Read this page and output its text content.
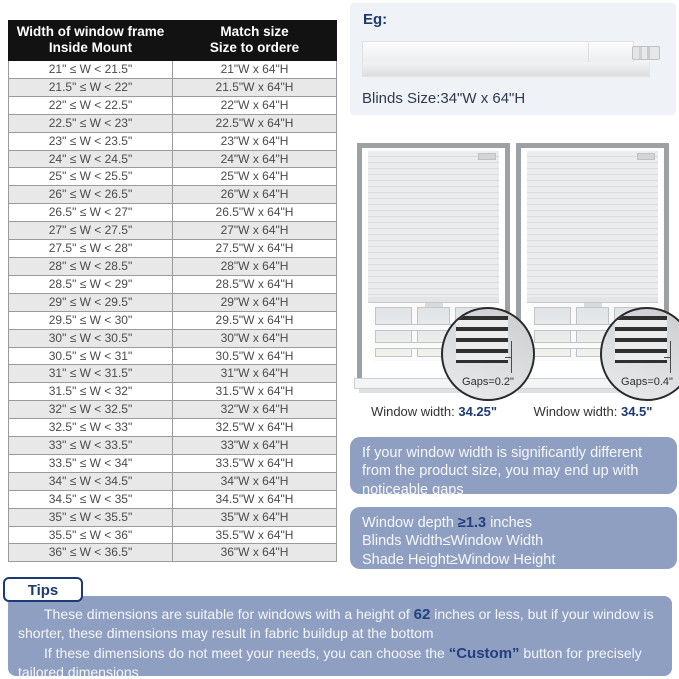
Width of window frame
Inside Mount

Match size
Size to ordere

21" ≤ W < 21.5"	21"W x 64"H
21.5" ≤ W < 22"	21.5"W x 64"H
22" ≤ W < 22.5"	22"W x 64"H
22.5" ≤ W < 23"	22.5"W x 64"H
23" ≤ W < 23.5"	23"W x 64"H
24" ≤ W < 24.5"	24"W x 64"H
25" ≤ W < 25.5"	25"W x 64"H
26" ≤ W < 26.5"	26"W x 64"H
26.5" ≤ W < 27"	26.5"W x 64"H
27" ≤ W < 27.5"	27"W x 64"H
27.5" ≤ W < 28"	27.5"W x 64"H
28" ≤ W < 28.5"	28"W x 64"H
28.5" ≤ W < 29"	28.5"W x 64"H
29" ≤ W < 29.5"	29"W x 64"H
29.5" ≤ W < 30"	29.5"W x 64"H
30" ≤ W < 30.5"	30"W x 64"H
30.5" ≤ W < 31"	30.5"W x 64"H
31" ≤ W < 31.5"	31"W x 64"H
31.5" ≤ W < 32"	31.5"W x 64"H
32" ≤ W < 32.5"	32"W x 64"H
32.5" ≤ W < 33"	32.5"W x 64"H
33" ≤ W < 33.5"	33"W x 64"H
33.5" ≤ W < 34"	33.5"W x 64"H
34" ≤ W < 34.5"	34"W x 64"H
34.5" ≤ W < 35"	34.5"W x 64"H
35" ≤ W < 35.5"	35"W x 64"H
35.5" ≤ W < 36"	35.5"W x 64"H
36" ≤ W < 36.5"	36"W x 64"H
Eg:
Blinds Size:34"W x 64"H
Gaps=0.2"	Gaps=0.4"
Window width: 34.25"	Window width: 34.5"
If your window width is significantly different from the product size, you may end up with noticeable gaps
Window depth ≥1.3 inches
Blinds Width≤Window Width
Shade Height≥Window Height
Tips

These dimensions are suitable for windows with a height of 62 inches or less, but if your window is shorter, these dimensions may result in fabric buildup at the bottom

If these dimensions do not meet your needs, you can choose the “Custom” button for precisely tailored dimensions
